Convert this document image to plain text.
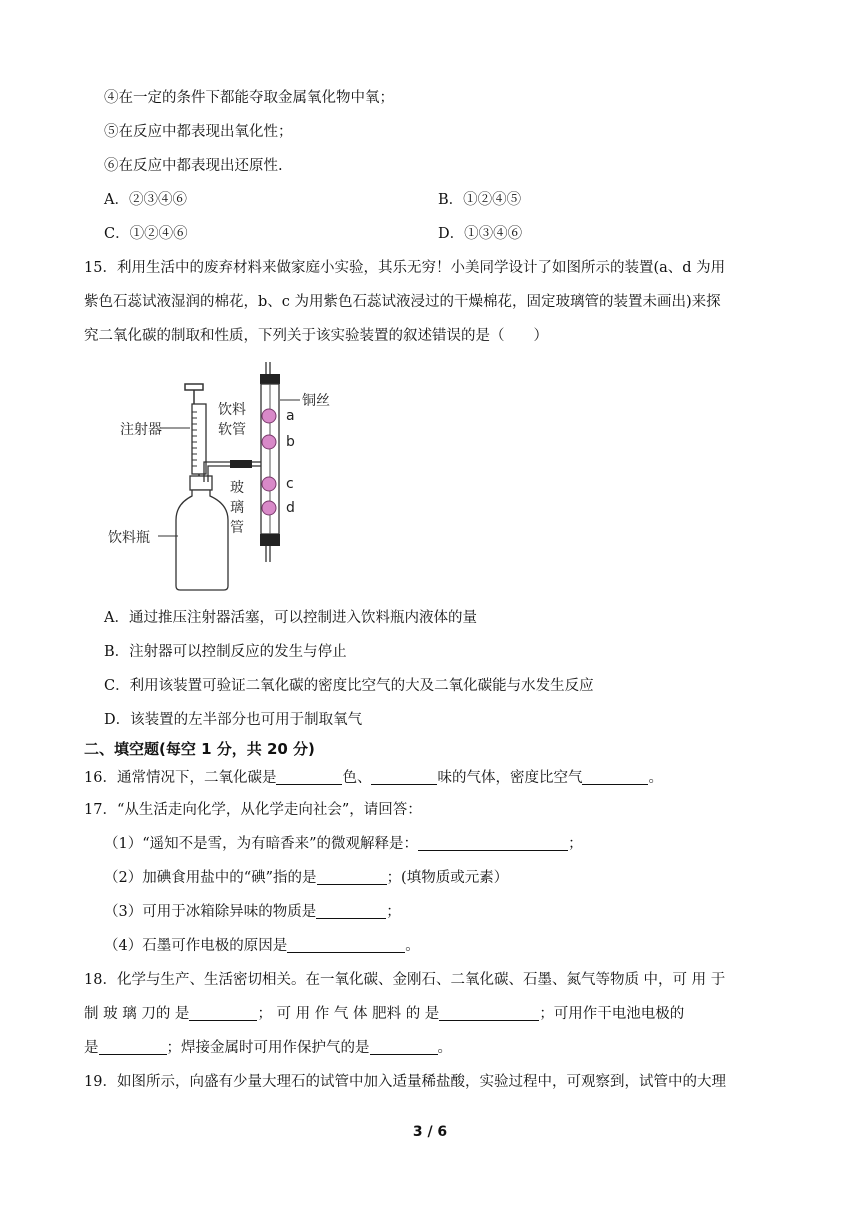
④在一定的条件下都能夺取金属氧化物中氧；
⑤在反应中都表现出氧化性；
⑥在反应中都表现出还原性.
A．②③④⑥	B．①②④⑤
C．①②④⑥	D．①③④⑥
15．利用生活中的废弃材料来做家庭小实验，其乐无穷！小美同学设计了如图所示的装置(a、d 为用
紫色石蕊试液湿润的棉花，b、c 为用紫色石蕊试液浸过的干燥棉花，固定玻璃管的装置未画出)来探
究二氧化碳的制取和性质，下列关于该实验装置的叙述错误的是（　　）
注射器
饮料
软管
铜丝
玻
璃
管
饮料瓶
a
b
c
d
A．通过推压注射器活塞，可以控制进入饮料瓶内液体的量
B．注射器可以控制反应的发生与停止
C．利用该装置可验证二氧化碳的密度比空气的大及二氧化碳能与水发生反应
D．该装置的左半部分也可用于制取氧气
二、填空题(每空 1 分，共 20 分)
16．通常情况下，二氧化碳是	色、	味的气体，密度比空气	。
17．“从生活走向化学，从化学走向社会”，请回答：
（1）“遥知不是雪，为有暗香来”的微观解释是：	；
（2）加碘食用盐中的“碘”指的是	；(填物质或元素）
（3）可用于冰箱除异味的物质是	；
（4）石墨可作电极的原因是	。
18．化学与生产、生活密切相关。在一氧化碳、金刚石、二氧化碳、石墨、氮气等物质 中，可 用 于
制 玻 璃 刀的 是	； 可 用 作 气 体 肥料 的 是	；可用作干电池电极的
是	；焊接金属时可用作保护气的是	。
19．如图所示，向盛有少量大理石的试管中加入适量稀盐酸，实验过程中，可观察到，试管中的大理
3 / 6
